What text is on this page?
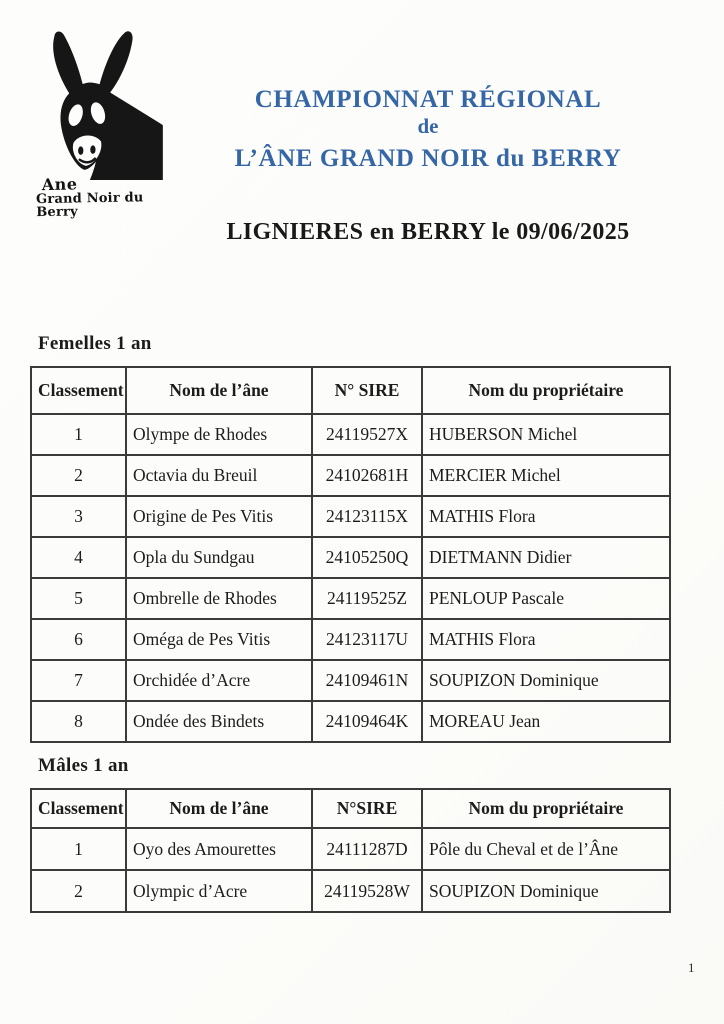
Ane
Grand Noir du Berry
CHAMPIONNAT RÉGIONAL
de
L’ÂNE GRAND NOIR du BERRY
LIGNIERES en BERRY le 09/06/2025
Femelles 1 an
Classement	Nom de l’âne	N° SIRE	Nom du propriétaire
1	Olympe de Rhodes	24119527X	HUBERSON Michel
2	Octavia du Breuil	24102681H	MERCIER Michel
3	Origine de Pes Vitis	24123115X	MATHIS Flora
4	Opla du Sundgau	24105250Q	DIETMANN Didier
5	Ombrelle de Rhodes	24119525Z	PENLOUP Pascale
6	Oméga de Pes Vitis	24123117U	MATHIS Flora
7	Orchidée d’Acre	24109461N	SOUPIZON Dominique
8	Ondée des Bindets	24109464K	MOREAU Jean
Mâles 1 an
Classement	Nom de l’âne	N°SIRE	Nom du propriétaire
1	Oyo des Amourettes	24111287D	Pôle du Cheval et de l’Âne
2	Olympic d’Acre	24119528W	SOUPIZON Dominique
1
